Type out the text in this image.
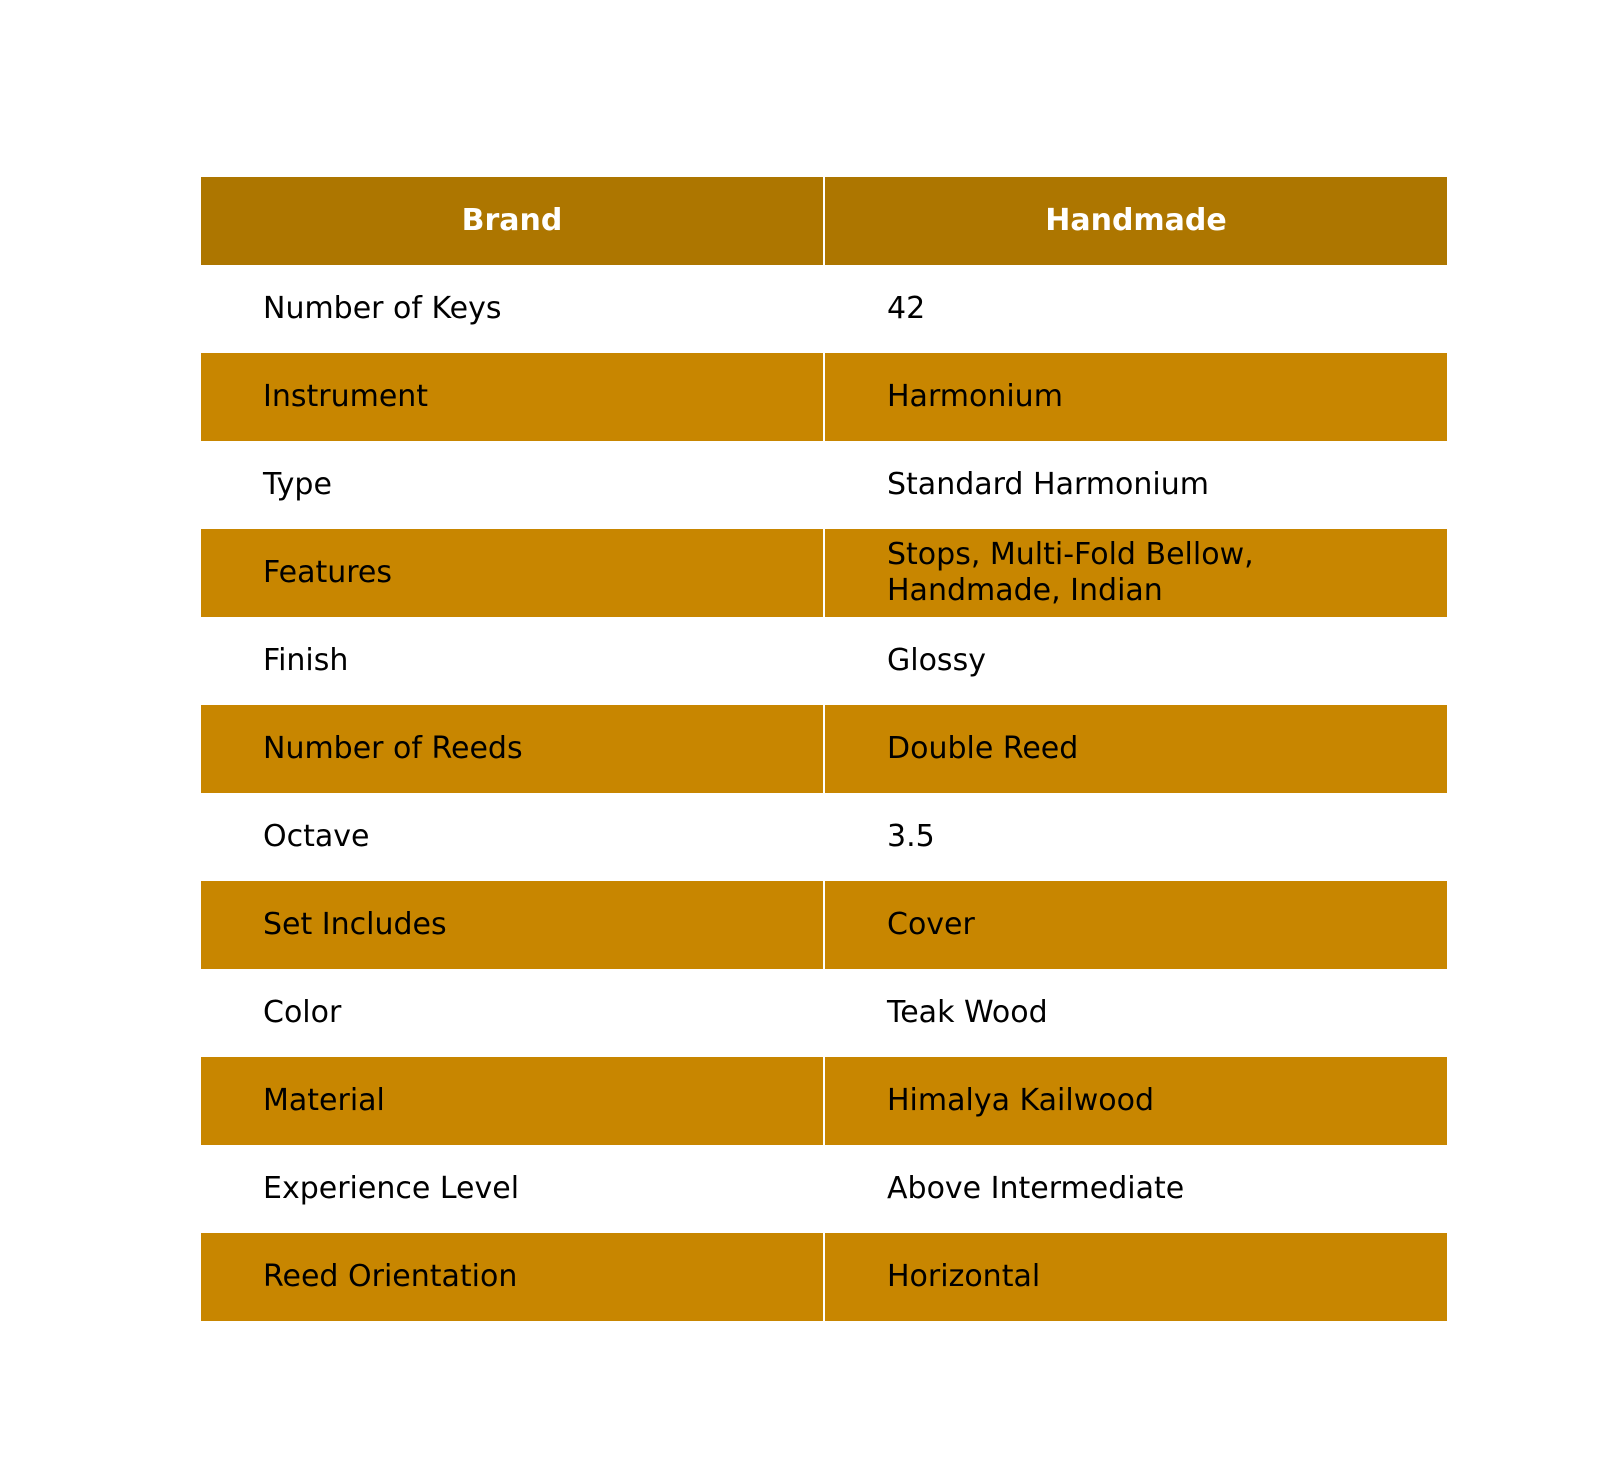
Brand	Handmade
Number of Keys	42
Instrument	Harmonium
Type	Standard Harmonium
Features	Stops, Multi-Fold Bellow, Handmade, Indian
Finish	Glossy
Number of Reeds	Double Reed
Octave	3.5
Set Includes	Cover
Color	Teak Wood
Material	Himalya Kailwood
Experience Level	Above Intermediate
Reed Orientation	Horizontal
